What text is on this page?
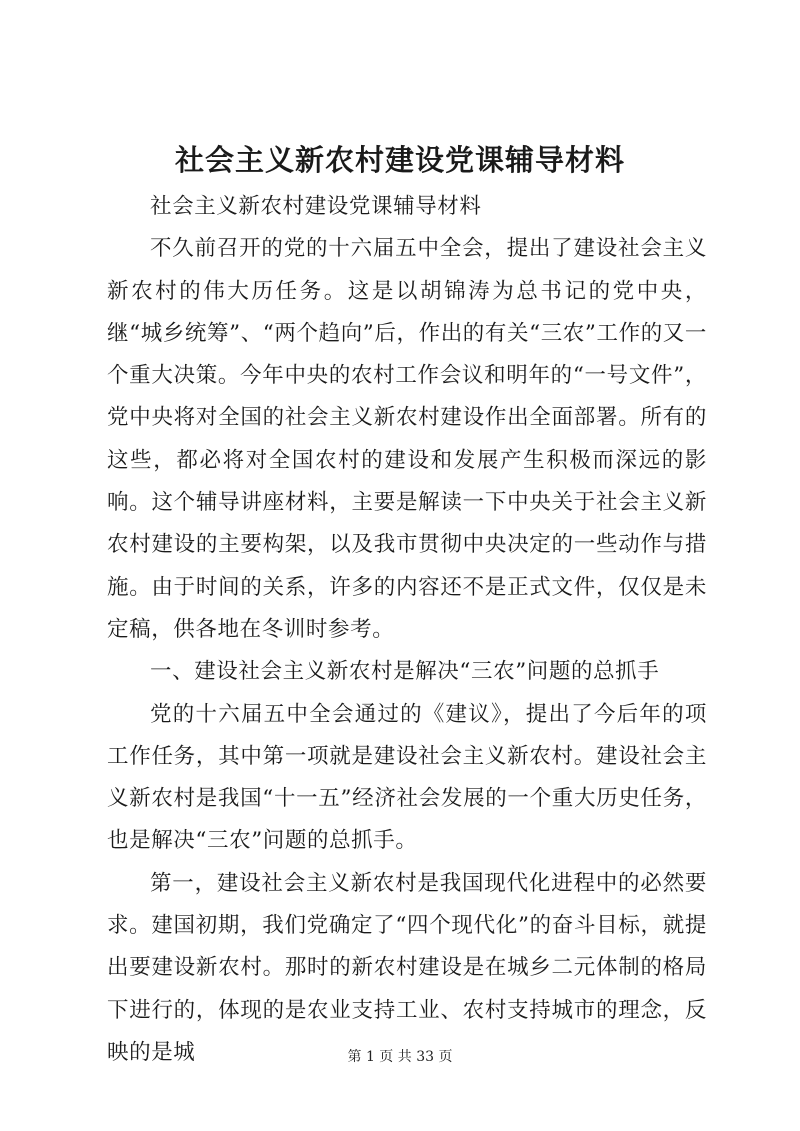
社会主义新农村建设党课辅导材料

社会主义新农村建设党课辅导材料

不久前召开的党的十六届五中全会，提出了建设社会主义新农村的伟大历任务。这是以胡锦涛为总书记的党中央，继“城乡统筹”、“两个趋向”后，作出的有关“三农”工作的又一个重大决策。今年中央的农村工作会议和明年的“一号文件”，党中央将对全国的社会主义新农村建设作出全面部署。所有的这些，都必将对全国农村的建设和发展产生积极而深远的影响。这个辅导讲座材料，主要是解读一下中央关于社会主义新农村建设的主要构架，以及我市贯彻中央决定的一些动作与措施。由于时间的关系，许多的内容还不是正式文件，仅仅是未定稿，供各地在冬训时参考。

一、建设社会主义新农村是解决“三农”问题的总抓手

党的十六届五中全会通过的《建议》，提出了今后年的项工作任务，其中第一项就是建设社会主义新农村。建设社会主义新农村是我国“十一五”经济社会发展的一个重大历史任务，也是解决“三农”问题的总抓手。

第一，建设社会主义新农村是我国现代化进程中的必然要求。建国初期，我们党确定了“四个现代化”的奋斗目标，就提出要建设新农村。那时的新农村建设是在城乡二元体制的格局下进行的，体现的是农业支持工业、农村支持城市的理念，反映的是城	第 1 页 共 33 页
